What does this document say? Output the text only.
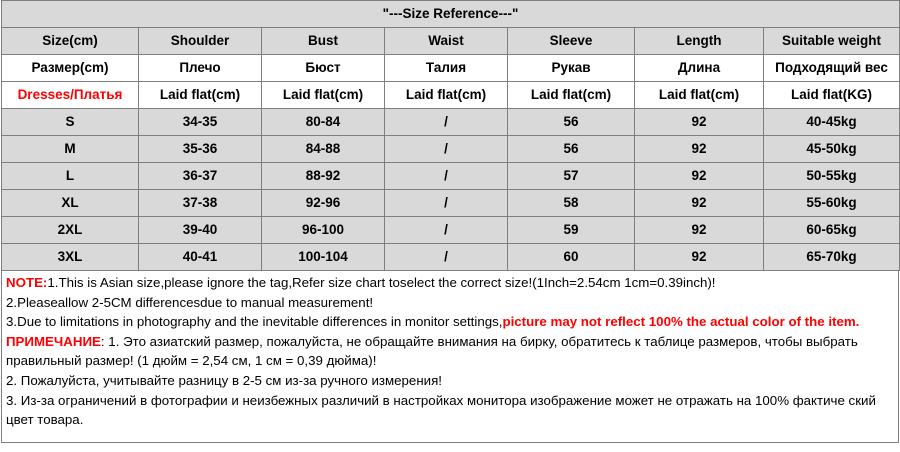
"---Size Reference---"						
Size(cm)	Shoulder	Bust	Waist	Sleeve	Length	Suitable weight
Размер(cm)	Плечо	Бюст	Талия	Рукав	Длина	Подходящий вес
Dresses/Платья	Laid flat(cm)	Laid flat(cm)	Laid flat(cm)	Laid flat(cm)	Laid flat(cm)	Laid flat(KG)
S	34-35	80-84	/	56	92	40-45kg
M	35-36	84-88	/	56	92	45-50kg
L	36-37	88-92	/	57	92	50-55kg
XL	37-38	92-96	/	58	92	55-60kg
2XL	39-40	96-100	/	59	92	60-65kg
3XL	40-41	100-104	/	60	92	65-70kg

NOTE:1.This is Asian size,please ignore the tag,Refer size chart toselect the correct size!(1Inch=2.54cm 1cm=0.39inch)!

2.Pleaseallow 2-5CM differencesdue to manual measurement!

3.Due to limitations in photography and the inevitable differences in monitor settings,picture may not reflect 100% the actual color of the item.

ПРИМЕЧАНИЕ: 1. Это азиатский размер, пожалуйста, не обращайте внимания на бирку, обратитесь к таблице размеров, чтобы выбрать правильный размер! (1 дюйм = 2,54 см, 1 см = 0,39 дюйма)!

2. Пожалуйста, учитывайте разницу в 2-5 см из-за ручного измерения!

3. Из-за ограничений в фотографии и неизбежных различий в настройках монитора изображение может не отражать на 100% фактиче ский цвет товара.
